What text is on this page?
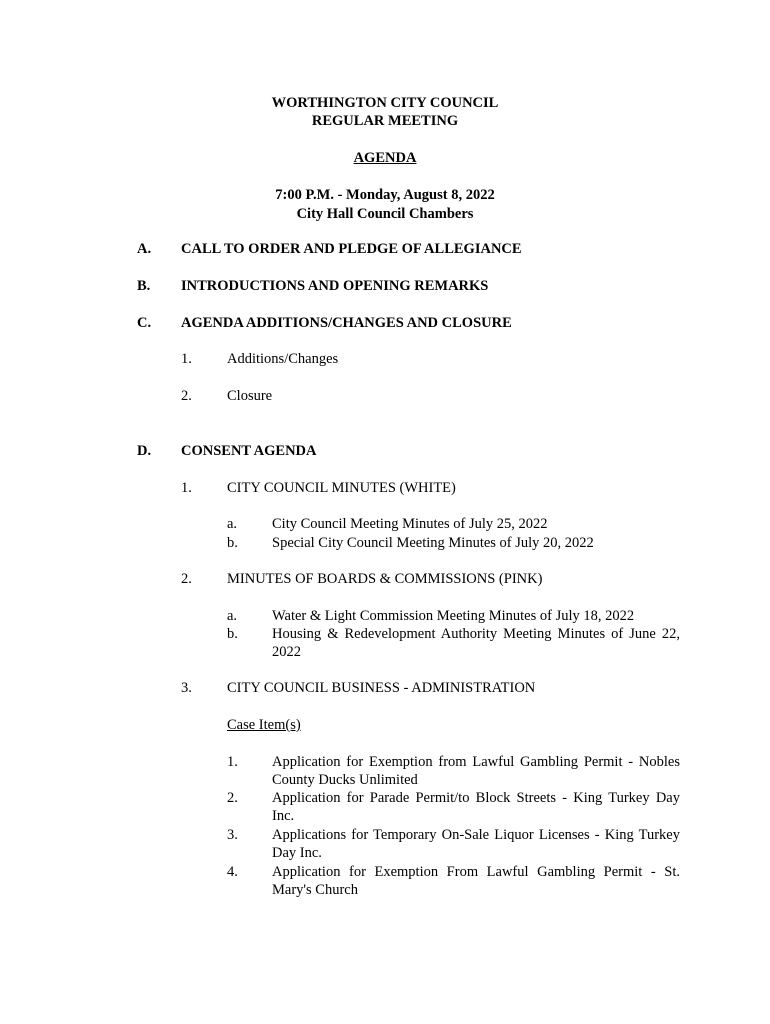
WORTHINGTON CITY COUNCIL
REGULAR MEETING
AGENDA
7:00 P.M. - Monday, August 8, 2022
City Hall Council Chambers
A. CALL TO ORDER AND PLEDGE OF ALLEGIANCE
B. INTRODUCTIONS AND OPENING REMARKS
C. AGENDA ADDITIONS/CHANGES AND CLOSURE
1. Additions/Changes
2. Closure
D. CONSENT AGENDA
1. CITY COUNCIL MINUTES (WHITE)
a. City Council Meeting Minutes of July 25, 2022
b. Special City Council Meeting Minutes of July 20, 2022
2. MINUTES OF BOARDS & COMMISSIONS (PINK)
a. Water & Light Commission Meeting Minutes of July 18, 2022
b. Housing & Redevelopment Authority Meeting Minutes of June 22, 2022
3. CITY COUNCIL BUSINESS - ADMINISTRATION
Case Item(s)
1. Application for Exemption from Lawful Gambling Permit - Nobles County Ducks Unlimited
2. Application for Parade Permit/to Block Streets - King Turkey Day Inc.
3. Applications for Temporary On-Sale Liquor Licenses - King Turkey Day Inc.
4. Application for Exemption From Lawful Gambling Permit - St. Mary's Church
